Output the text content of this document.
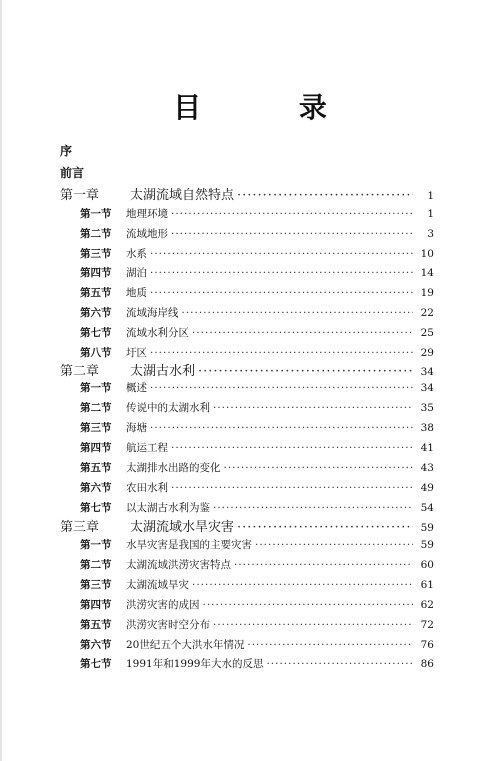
目 录
序
前言
第一章	太湖流域自然特点 ·····	1
第一节	地理环境 ·····	1
第二节	流域地形 ·····	3
第三节	水系 ·····	10
第四节	湖泊 ·····	14
第五节	地质 ·····	19
第六节	流域海岸线 ·····	22
第七节	流域水利分区 ·····	25
第八节	圩区 ·····	29
第二章	太湖古水利 ·····	34
第一节	概述 ·····	34
第二节	传说中的太湖水利 ·····	35
第三节	海塘 ·····	38
第四节	航运工程 ·····	41
第五节	太湖排水出路的变化 ·····	43
第六节	农田水利 ·····	49
第七节	以太湖古水利为鉴 ·····	54
第三章	太湖流域水旱灾害 ·····	59
第一节	水旱灾害是我国的主要灾害 ·····	59
第二节	太湖流域洪涝灾害特点 ·····	60
第三节	太湖流域旱灾 ·····	61
第四节	洪涝灾害的成因 ·····	62
第五节	洪涝灾害时空分布 ·····	72
第六节	20世纪五个大洪水年情况 ·····	76
第七节	1991年和1999年大水的反思 ·····	86
